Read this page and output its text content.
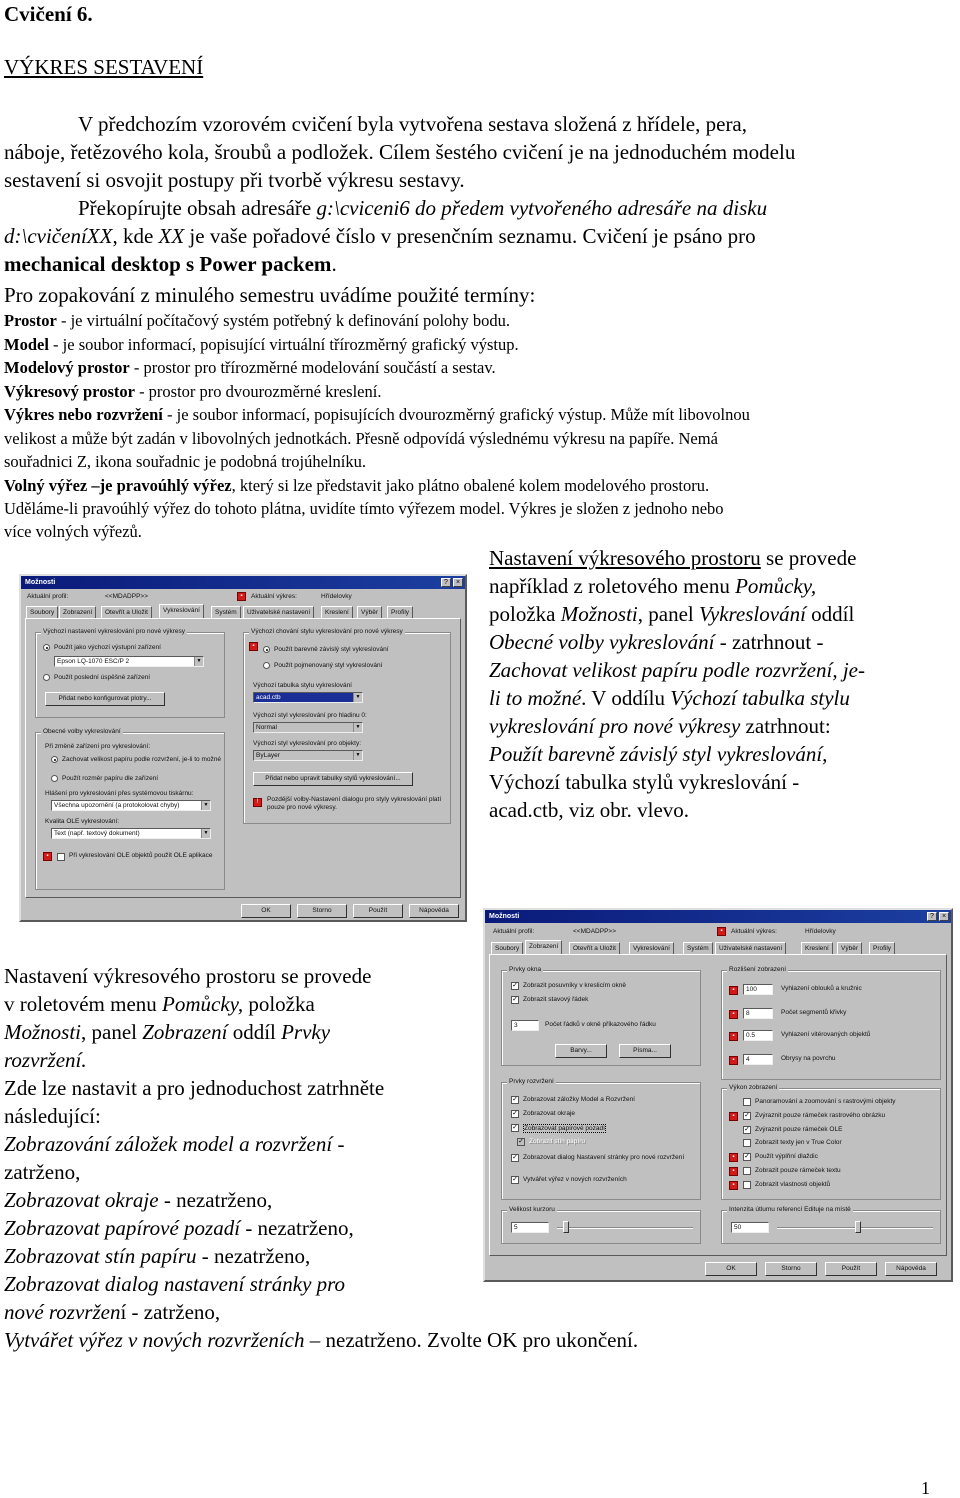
Cvičení 6.
VÝKRES SESTAVENÍ
V předchozím vzorovém cvičení byla vytvořena sestava složená z hřídele, pera,
náboje, řetězového kola, šroubů a podložek. Cílem šestého cvičení je na jednoduchém modelu
sestavení si osvojit postupy při tvorbě výkresu sestavy.
Překopírujte obsah adresáře g:\cviceni6 do předem vytvořeného adresáře na disku
d:\cvičeníXX, kde XX je vaše pořadové číslo v presenčním seznamu. Cvičení je psáno pro
mechanical desktop s Power packem.
Pro zopakování z minulého semestru uvádíme použité termíny:
Prostor - je virtuální počítačový systém potřebný k definování polohy bodu.
Model - je soubor informací, popisující virtuální třírozměrný grafický výstup.
Modelový prostor - prostor pro třírozměrné modelování součástí a sestav.
Výkresový prostor - prostor pro dvourozměrné kreslení.
Výkres nebo rozvržení - je soubor informací, popisujících dvourozměrný grafický výstup. Může mít libovolnou
velikost a může být zadán v libovolných jednotkách. Přesně odpovídá výslednému výkresu na papíře. Nemá
souřadnici Z, ikona souřadnic je podobná trojúhelníku.
Volný výřez –je pravoúhlý výřez, který si lze představit jako plátno obalené kolem modelového prostoru.
Uděláme-li pravoúhlý výřez do tohoto plátna, uvidíte tímto výřezem model. Výkres je složen z jednoho nebo
více volných výřezů.
Nastavení výkresového prostoru se provede
například z roletového menu Pomůcky,
položka Možnosti, panel Vykreslování oddíl
Obecné volby vykreslování - zatrhnout -
Zachovat velikost papíru podle rozvržení, je-
li to možné. V oddílu Výchozí tabulka stylu
vykreslování pro nové výkresy zatrhnout:
Použít barevně závislý styl vykreslování,
Výchozí tabulka stylů vykreslování -
acad.ctb, viz obr. vlevo.
Nastavení výkresového prostoru se provede
v roletovém menu Pomůcky, položka
Možnosti, panel Zobrazení oddíl Prvky
rozvržení.
Zde lze nastavit a pro jednoduchost zatrhněte
následující:
Zobrazování záložek model a rozvržení -
zatrženo,
Zobrazovat okraje - nezatrženo,
Zobrazovat papírové pozadí - nezatrženo,
Zobrazovat stín papíru - nezatrženo,
Zobrazovat dialog nastavení stránky pro
nové rozvržení - zatrženo,
Vytvářet výřez v nových rozvrženích – nezatrženo. Zvolte OK pro ukončení.
1
Možnosti	?	×
Aktuální profil:	<<MDADPP>>	▪	Aktuální výkres:	Hřídelovky
Soubory	Zobrazení	Otevřít a Uložit	Vykreslování	Systém	Uživatelské nastavení	Kreslení	Výběr	Profily
Výchozí nastavení vykreslování pro nové výkresy
Použít jako výchozí výstupní zařízení
Epson LQ-1070 ESC/P 2	▼
Použít poslední úspěšné zařízení
Přidat nebo konfigurovat plotry...
Obecné volby vykreslování
Při změně zařízení pro vykreslování:
Zachovat velikost papíru podle rozvržení, je-li to možné
Použít rozměr papíru dle zařízení
Hlášení pro vykreslování přes systémovou tiskárnu:
Všechna upozornění (a protokolovat chyby)	▼
Kvalita OLE vykreslování:
Text (např. textový dokument)	▼
▪	Při vykreslování OLE objektů použít OLE aplikace
Výchozí chování stylu vykreslování pro nové výkresy
▪	Použít barevně závislý styl vykreslování
Použít pojmenovaný styl vykreslování
Výchozí tabulka stylu vykreslování
acad.ctb	▼
Výchozí styl vykreslování pro hladinu 0:
Normal	▼
Výchozí styl vykreslování pro objekty:
ByLayer	▼
Přidat nebo upravit tabulky stylů vykreslování...
!	Pozdější volby-Nastavení dialogu pro styly vykreslování platí pouze pro nové výkresy.
OK	Storno	Použít	Nápověda
Možnosti	?	×
Aktuální profil:	<<MDADPP>>	▪	Aktuální výkres:	Hřídelovky
Soubory	Zobrazení	Otevřít a Uložit	Vykreslování	Systém	Uživatelské nastavení	Kreslení	Výběr	Profily
Prvky okna
✓ Zobrazit posuvníky v kreslicím okně
✓ Zobrazit stavový řádek
3	Počet řádků v okně příkazového řádku
Barvy...	Písma...
Prvky rozvržení
✓ Zobrazovat záložky Model a Rozvržení
✓ Zobrazovat okraje
✓ Zobrazovat papírové pozadí
✓ Zobrazit stín papíru
✓ Zobrazovat dialog Nastavení stránky pro nové rozvržení
✓ Vytvářet výřez v nových rozvrženích
Rozlišení zobrazení
▪	100	Vyhlazení oblouků a kružnic
▪	8	Počet segmentů křivky
▪	0.5	Vyhlazení vitérovaných objektů
▪	4	Obrysy na povrchu
Výkon zobrazení
Panoramování a zoomování s rastrovými objekty
▪	✓ Zvýraznit pouze rámeček rastrového obrázku
✓ Zvýraznit pouze rámeček OLE
Zobrazit texty jen v True Color
▪	✓ Použít výplňní dlaždic
▪	Zobrazit pouze rámeček textu
▪	Zobrazit vlastnosti objektů
Velikost kurzoru
5
Intenzita útlumu referencí Edituje na místě
50
OK	Storno	Použít	Nápověda
